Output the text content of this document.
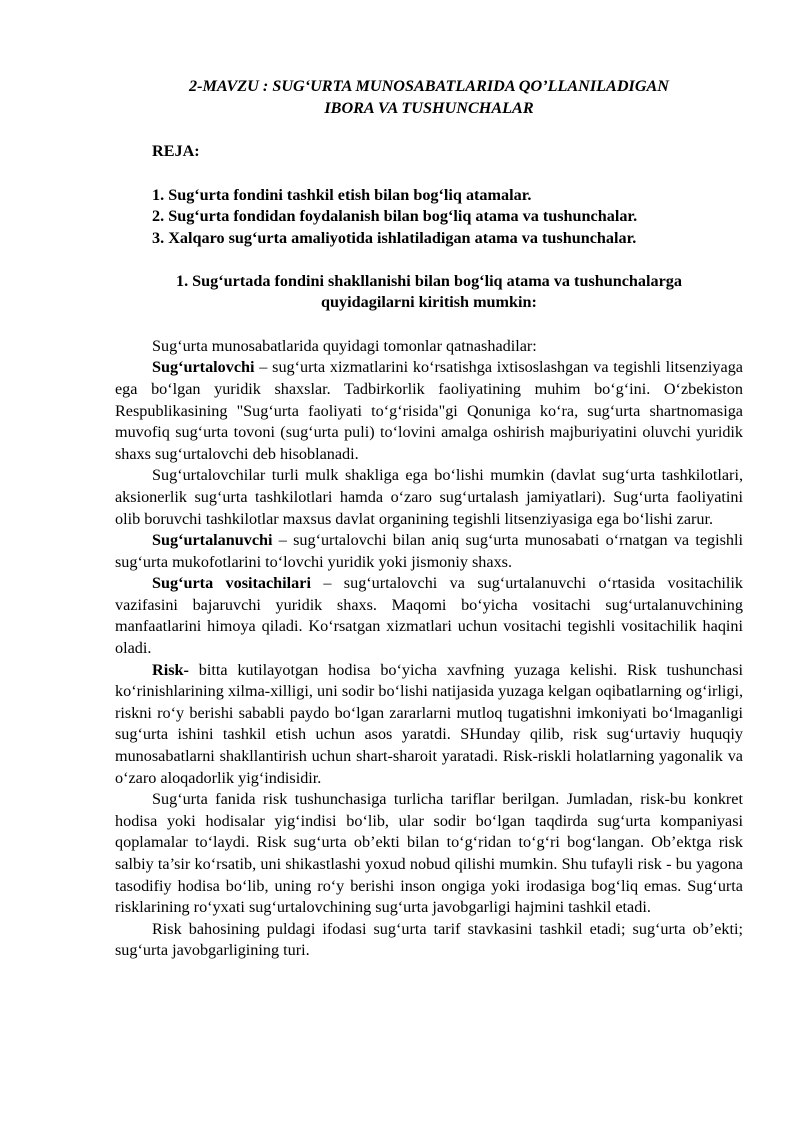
2-MAVZU : SUG‘URTA MUNOSABATLARIDA QO’LLANILADIGAN
IBORA VA TUSHUNCHALAR
REJA:
1. Sug‘urta fondini tashkil etish bilan bog‘liq atamalar.
2. Sug‘urta fondidan foydalanish bilan bog‘liq atama va tushunchalar.
3. Xalqaro sug‘urta amaliyotida ishlatiladigan atama va tushunchalar.
1. Sug‘urtada fondini shakllanishi bilan bog‘liq atama va tushunchalarga
quyidagilarni kiritish mumkin:

Sug‘urta munosabatlarida quyidagi tomonlar qatnashadilar:

Sug‘urtalovchi – sug‘urta xizmatlarini ko‘rsatishga ixtisoslashgan va tegishli litsenziyaga ega bo‘lgan yuridik shaxslar. Tadbirkorlik faoliyatining muhim bo‘g‘ini. O‘zbekiston Respublikasining "Sug‘urta faoliyati to‘g‘risida"gi Qonuniga ko‘ra, sug‘urta shartnomasiga muvofiq sug‘urta tovoni (sug‘urta puli) to‘lovini amalga oshirish majburiyatini oluvchi yuridik shaxs sug‘urtalovchi deb hisoblanadi.

Sug‘urtalovchilar turli mulk shakliga ega bo‘lishi mumkin (davlat sug‘urta tashkilotlari, aksionerlik sug‘urta tashkilotlari hamda o‘zaro sug‘urtalash jamiyatlari). Sug‘urta faoliyatini olib boruvchi tashkilotlar maxsus davlat organining tegishli litsenziyasiga ega bo‘lishi zarur.

Sug‘urtalanuvchi – sug‘urtalovchi bilan aniq sug‘urta munosabati o‘rnatgan va tegishli sug‘urta mukofotlarini to‘lovchi yuridik yoki jismoniy shaxs.

Sug‘urta vositachilari – sug‘urtalovchi va sug‘urtalanuvchi o‘rtasida vositachilik vazifasini bajaruvchi yuridik shaxs. Maqomi bo‘yicha vositachi sug‘urtalanuvchining manfaatlarini himoya qiladi. Ko‘rsatgan xizmatlari uchun vositachi tegishli vositachilik haqini oladi.

Risk- bitta kutilayotgan hodisa bo‘yicha xavfning yuzaga kelishi. Risk tushunchasi ko‘rinishlarining xilma-xilligi, uni sodir bo‘lishi natijasida yuzaga kelgan oqibatlarning og‘irligi, riskni ro‘y berishi sababli paydo bo‘lgan zararlarni mutloq tugatishni imkoniyati bo‘lmaganligi sug‘urta ishini tashkil etish uchun asos yaratdi. SHunday qilib, risk sug‘urtaviy huquqiy munosabatlarni shakllantirish uchun shart-sharoit yaratadi. Risk-riskli holatlarning yagonalik va o‘zaro aloqadorlik yig‘indisidir.

Sug‘urta fanida risk tushunchasiga turlicha tariflar berilgan. Jumladan, risk-bu konkret hodisa yoki hodisalar yig‘indisi bo‘lib, ular sodir bo‘lgan taqdirda sug‘urta kompaniyasi qoplamalar to‘laydi. Risk sug‘urta ob’ekti bilan to‘g‘ridan to‘g‘ri bog‘langan. Ob’ektga risk salbiy ta’sir ko‘rsatib, uni shikastlashi yoxud nobud qilishi mumkin. Shu tufayli risk - bu yagona tasodifiy hodisa bo‘lib, uning ro‘y berishi inson ongiga yoki irodasiga bog‘liq emas. Sug‘urta risklarining ro‘yxati sug‘urtalovchining sug‘urta javobgarligi hajmini tashkil etadi.

Risk bahosining puldagi ifodasi sug‘urta tarif stavkasini tashkil etadi; sug‘urta ob’ekti; sug‘urta javobgarligining turi.
